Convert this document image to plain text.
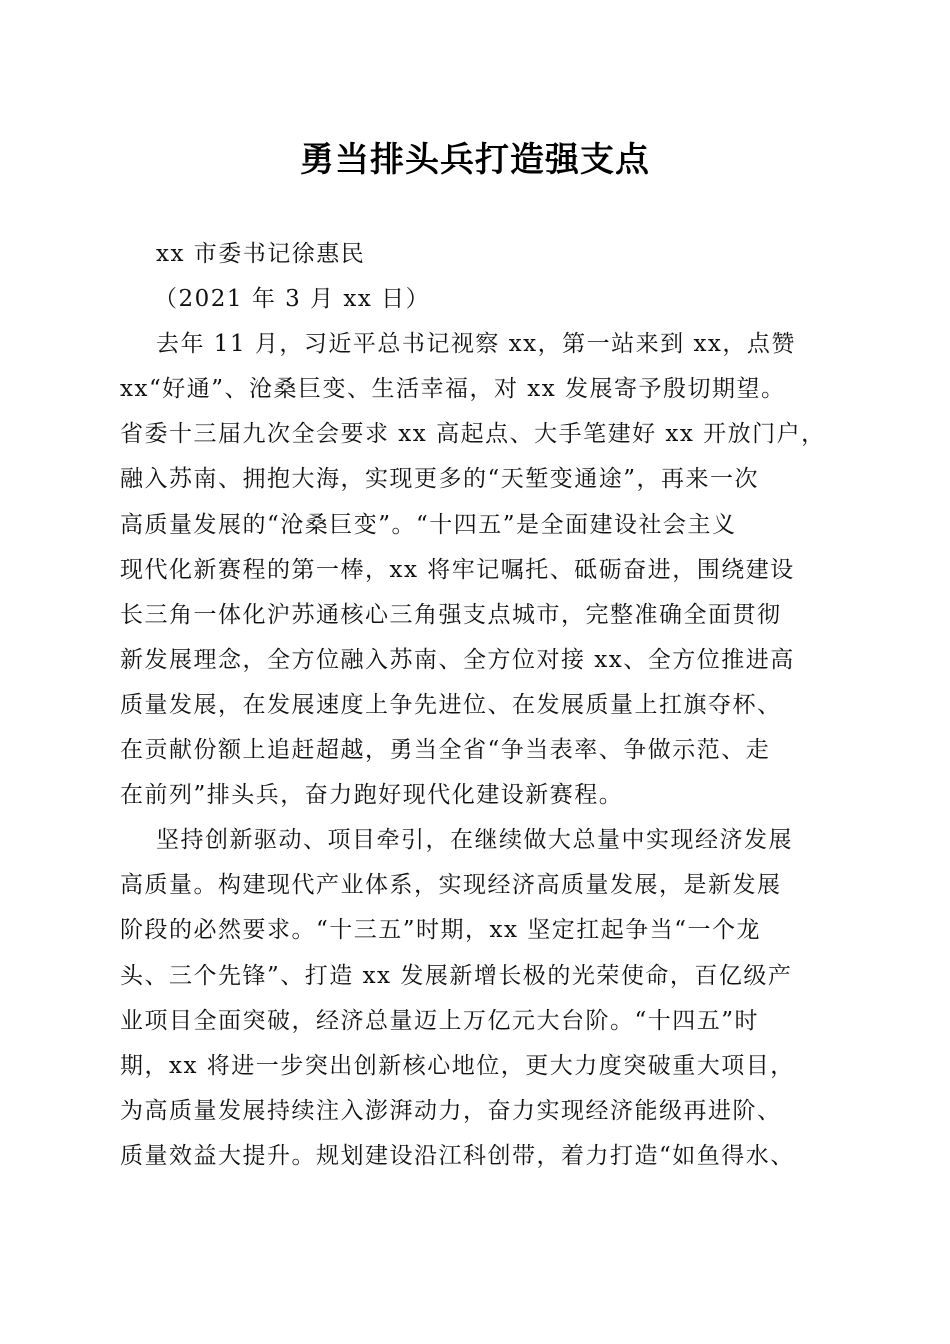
勇当排头兵打造强支点
xx 市委书记徐惠民
（2021 年 3 月 xx 日）
去年 11 月，习近平总书记视察 xx，第一站来到 xx，点赞
xx“好通”、沧桑巨变、生活幸福，对 xx 发展寄予殷切期望。
省委十三届九次全会要求 xx 高起点、大手笔建好 xx 开放门户，
融入苏南、拥抱大海，实现更多的“天堑变通途”，再来一次
高质量发展的“沧桑巨变”。“十四五”是全面建设社会主义
现代化新赛程的第一棒，xx 将牢记嘱托、砥砺奋进，围绕建设
长三角一体化沪苏通核心三角强支点城市，完整准确全面贯彻
新发展理念，全方位融入苏南、全方位对接 xx、全方位推进高
质量发展，在发展速度上争先进位、在发展质量上扛旗夺杯、
在贡献份额上追赶超越，勇当全省“争当表率、争做示范、走
在前列”排头兵，奋力跑好现代化建设新赛程。
坚持创新驱动、项目牵引，在继续做大总量中实现经济发展
高质量。构建现代产业体系，实现经济高质量发展，是新发展
阶段的必然要求。“十三五”时期，xx 坚定扛起争当“一个龙
头、三个先锋”、打造 xx 发展新增长极的光荣使命，百亿级产
业项目全面突破，经济总量迈上万亿元大台阶。“十四五”时
期，xx 将进一步突出创新核心地位，更大力度突破重大项目，
为高质量发展持续注入澎湃动力，奋力实现经济能级再进阶、
质量效益大提升。规划建设沿江科创带，着力打造“如鱼得水、
